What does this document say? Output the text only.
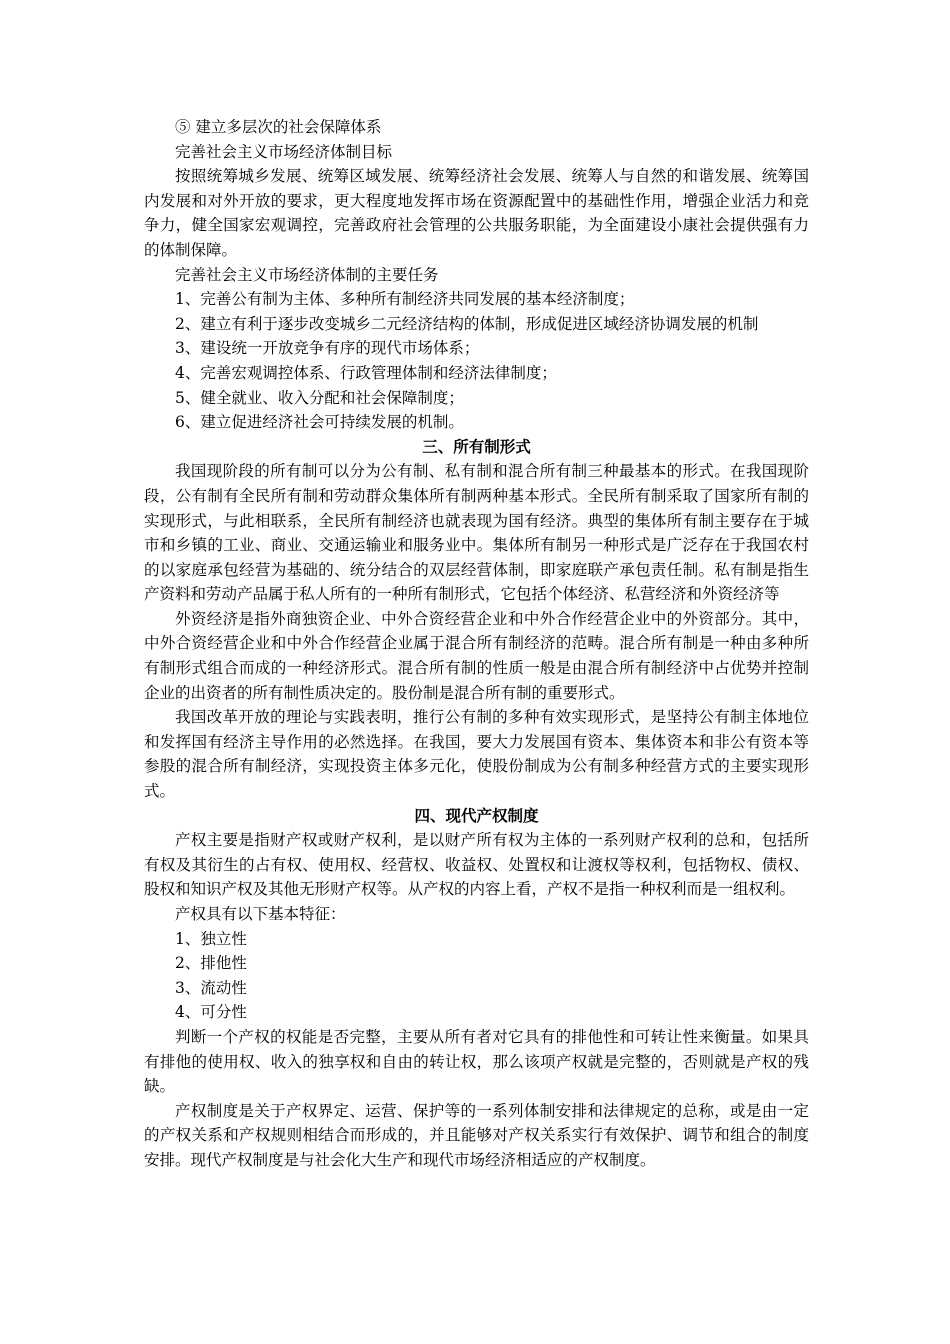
⑤ 建立多层次的社会保障体系

完善社会主义市场经济体制目标

按照统筹城乡发展、统筹区域发展、统筹经济社会发展、统筹人与自然的和谐发展、统筹国内发展和对外开放的要求，更大程度地发挥市场在资源配置中的基础性作用，增强企业活力和竞争力，健全国家宏观调控，完善政府社会管理的公共服务职能，为全面建设小康社会提供强有力的体制保障。

完善社会主义市场经济体制的主要任务

1、完善公有制为主体、多种所有制经济共同发展的基本经济制度；

2、建立有利于逐步改变城乡二元经济结构的体制，形成促进区域经济协调发展的机制

3、建设统一开放竞争有序的现代市场体系；

4、完善宏观调控体系、行政管理体制和经济法律制度；

5、健全就业、收入分配和社会保障制度；

6、建立促进经济社会可持续发展的机制。

三、所有制形式

我国现阶段的所有制可以分为公有制、私有制和混合所有制三种最基本的形式。在我国现阶段，公有制有全民所有制和劳动群众集体所有制两种基本形式。全民所有制采取了国家所有制的实现形式，与此相联系，全民所有制经济也就表现为国有经济。典型的集体所有制主要存在于城市和乡镇的工业、商业、交通运输业和服务业中。集体所有制另一种形式是广泛存在于我国农村的以家庭承包经营为基础的、统分结合的双层经营体制，即家庭联产承包责任制。私有制是指生产资料和劳动产品属于私人所有的一种所有制形式，它包括个体经济、私营经济和外资经济等

外资经济是指外商独资企业、中外合资经营企业和中外合作经营企业中的外资部分。其中，中外合资经营企业和中外合作经营企业属于混合所有制经济的范畴。混合所有制是一种由多种所有制形式组合而成的一种经济形式。混合所有制的性质一般是由混合所有制经济中占优势并控制企业的出资者的所有制性质决定的。股份制是混合所有制的重要形式。

我国改革开放的理论与实践表明，推行公有制的多种有效实现形式，是坚持公有制主体地位和发挥国有经济主导作用的必然选择。在我国，要大力发展国有资本、集体资本和非公有资本等参股的混合所有制经济，实现投资主体多元化，使股份制成为公有制多种经营方式的主要实现形式。

四、现代产权制度

产权主要是指财产权或财产权利，是以财产所有权为主体的一系列财产权利的总和，包括所有权及其衍生的占有权、使用权、经营权、收益权、处置权和让渡权等权利，包括物权、债权、股权和知识产权及其他无形财产权等。从产权的内容上看，产权不是指一种权利而是一组权利。

产权具有以下基本特征：

1、独立性

2、排他性

3、流动性

4、可分性

判断一个产权的权能是否完整，主要从所有者对它具有的排他性和可转让性来衡量。如果具有排他的使用权、收入的独享权和自由的转让权，那么该项产权就是完整的，否则就是产权的残缺。

产权制度是关于产权界定、运营、保护等的一系列体制安排和法律规定的总称，或是由一定的产权关系和产权规则相结合而形成的，并且能够对产权关系实行有效保护、调节和组合的制度安排。现代产权制度是与社会化大生产和现代市场经济相适应的产权制度。
